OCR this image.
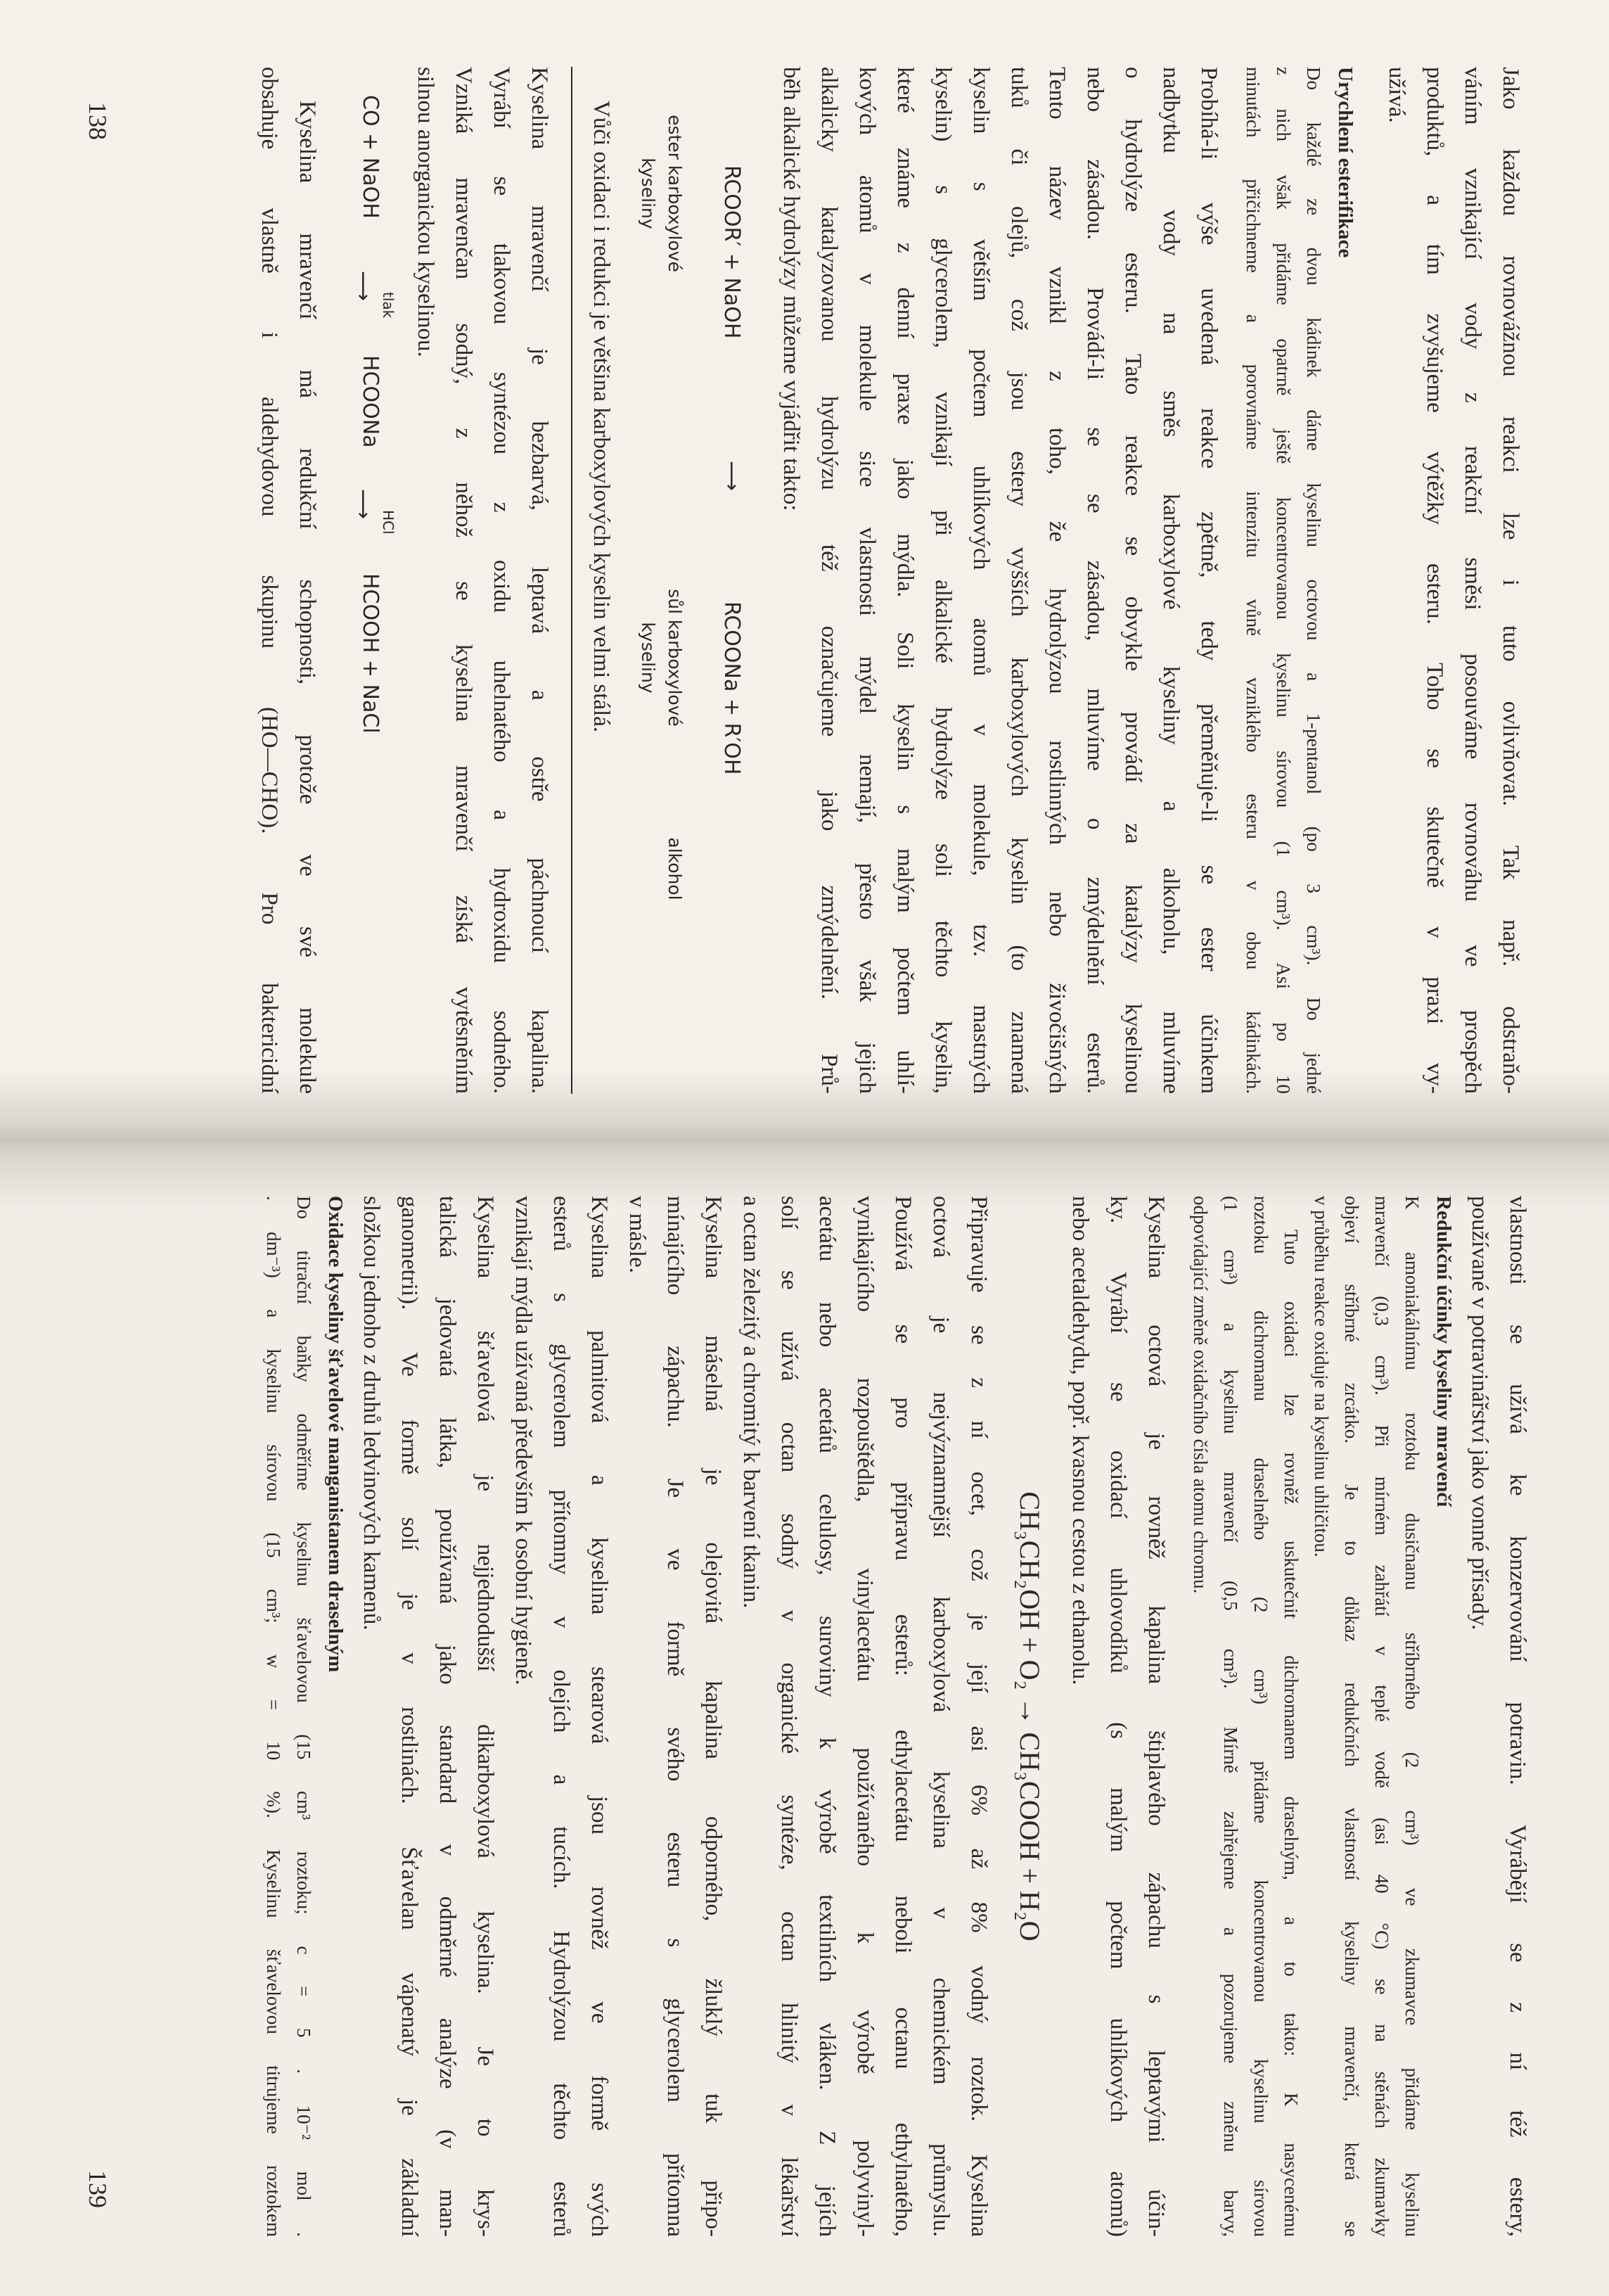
Jako každou rovnovážnou reakci lze i tuto ovlivňovat. Tak např. odstraňo-
váním vznikající vody z reakční směsi posouváme rovnováhu ve prospěch
produktů, a tím zvyšujeme výtěžky esteru. Toho se skutečně v praxi vy-
užívá.
Urychlení esterifikace
Do každé ze dvou kádinek dáme kyselinu octovou a 1-pentanol (po 3 cm³). Do jedné
z nich však přidáme opatrně ještě koncentrovanou kyselinu sírovou (1 cm³). Asi po 10
minutách přičichneme a porovnáme intenzitu vůně vzniklého esteru v obou kádinkách.
Probíhá-li výše uvedená reakce zpětně, tedy přeměňuje-li se ester účinkem
nadbytku vody na směs karboxylové kyseliny a alkoholu, mluvíme
o hydrolýze esteru. Tato reakce se obvykle provádí za katalýzy kyselinou
nebo zásadou. Provádí-li se se zásadou, mluvíme o zmýdelnění esterů.
Tento název vznikl z toho, že hydrolýzou rostlinných nebo živočišných
tuků či olejů, což jsou estery vyšších karboxylových kyselin (to znamená
kyselin s větším počtem uhlíkových atomů v molekule, tzv. mastných
kyselin) s glycerolem, vznikají při alkalické hydrolýze soli těchto kyselin,
které známe z denní praxe jako mýdla. Soli kyselin s malým počtem uhlí-
kových atomů v molekule sice vlastnosti mýdel nemají, přesto však jejich
alkalicky katalyzovanou hydrolýzu též označujeme jako zmýdelnění. Prů-
běh alkalické hydrolýzy můžeme vyjádřit takto:
RCOOR′ + NaOH
⟶
RCOONa + R′OH
ester karboxylové
kyseliny
sůl karboxylové
kyseliny
alkohol
Vůči oxidaci i redukci je většina karboxylových kyselin velmi stálá.
Kyselina mravenčí je bezbarvá, leptavá a ostře páchnoucí kapalina.
Vyrábí se tlakovou syntézou z oxidu uhelnatého a hydroxidu sodného.
Vzniká mravenčan sodný, z něhož se kyselina mravenčí získá vytěsněním
silnou anorganickou kyselinou.
CO + NaOH
tlak
⟶
HCOONa
HCl
⟶
HCOOH + NaCl
Kyselina mravenčí má redukční schopnosti, protože ve své molekule
obsahuje vlastně i aldehydovou skupinu (HO—CHO). Pro baktericidní
138
vlastnosti se užívá ke konzervování potravin. Vyrábějí se z ní též estery,
používané v potravinářství jako vonné přísady.
Redukční účinky kyseliny mravenčí
K amoniakálnímu roztoku dusičnanu stříbrného (2 cm³) ve zkumavce přidáme kyselinu
mravenčí (0,3 cm³). Při mírném zahřátí v teplé vodě (asi 40 °C) se na stěnách zkumavky
objeví stříbrné zrcátko. Je to důkaz redukčních vlastností kyseliny mravenčí, která se
v průběhu reakce oxiduje na kyselinu uhličitou.
Tuto oxidaci lze rovněž uskutečnit dichromanem draselným, a to takto: K nasycenému
roztoku dichromanu draselného (2 cm³) přidáme koncentrovanou kyselinu sírovou
(1 cm³) a kyselinu mravenčí (0,5 cm³). Mírně zahřejeme a pozorujeme změnu barvy,
odpovídající změně oxidačního čísla atomu chromu.
Kyselina octová je rovněž kapalina štiplavého zápachu s leptavými účin-
ky. Vyrábí se oxidací uhlovodíků (s malým počtem uhlíkových atomů)
nebo acetaldehydu, popř. kvasnou cestou z ethanolu.
CH₃CH₂OH + O₂ → CH₃COOH + H₂O
Připravuje se z ní ocet, což je její asi 6% až 8% vodný roztok. Kyselina
octová je nejvýznamnější karboxylová kyselina v chemickém průmyslu.
Používá se pro přípravu esterů: ethylacetátu neboli octanu ethylnatého,
vynikajícího rozpouštědla, vinylacetátu používaného k výrobě polyvinyl-
acetátu nebo acetátů celulosy, suroviny k výrobě textilních vláken. Z jejích
solí se užívá octan sodný v organické syntéze, octan hlinitý v lékařství
a octan železitý a chromitý k barvení tkanin.
Kyselina máselná je olejovitá kapalina odporného, žluklý tuk připo-
mínajícího zápachu. Je ve formě svého esteru s glycerolem přítomna
v másle.
Kyselina palmitová a kyselina stearová jsou rovněž ve formě svých
esterů s glycerolem přítomny v olejích a tucích. Hydrolýzou těchto esterů
vznikají mýdla užívaná především k osobní hygieně.
Kyselina šťavelová je nejjednodušší dikarboxylová kyselina. Je to krys-
talická jedovatá látka, používaná jako standard v odměrné analýze (v man-
ganometrii). Ve formě solí je v rostlinách. Šťavelan vápenatý je základní
složkou jednoho z druhů ledvinových kamenů.
Oxidace kyseliny šťavelové manganistanem draselným
Do titrační baňky odměříme kyselinu šťavelovou (15 cm³ roztoku; c = 5 . 10⁻² mol .
. dm⁻³) a kyselinu sírovou (15 cm³; w = 10 %). Kyselinu šťavelovou titrujeme roztokem
139
